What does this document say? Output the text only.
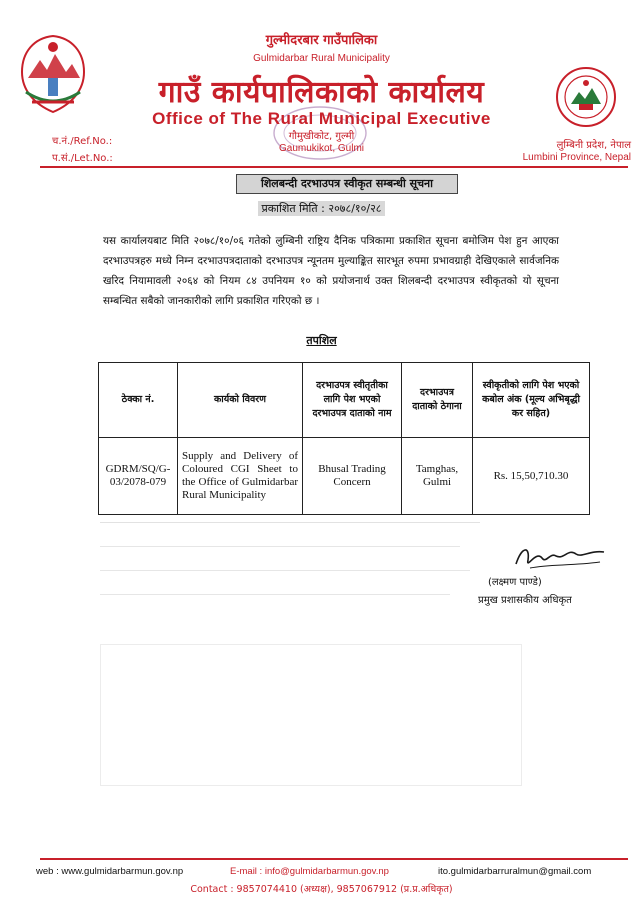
गुल्मीदरबार गाउँपालिका
Gulmidarbar Rural Municipality
गाउँ कार्यपालिकाको कार्यालय
Office of The Rural Municipal Executive
गौमुखीकोट, गुल्मी
Gaumukikot, Gulmi
च.नं./Ref.No.:
प.सं./Let.No.:
लुम्बिनी प्रदेश, नेपाल
Lumbini Province, Nepal
शिलबन्दी दरभाउपत्र स्वीकृत सम्बन्धी सूचना
प्रकाशित मिति : २०७८/१०/२८
यस कार्यालयबाट मिति २०७८/१०/०६ गतेको लुम्बिनी राष्ट्रिय दैनिक पत्रिकामा प्रकाशित सूचना बमोजिम पेश हुन आएका दरभाउपत्रहरु मध्ये निम्न दरभाउपत्रदाताको दरभाउपत्र न्यूनतम मुल्याङ्कित सारभूत रुपमा प्रभावग्राही देखिएकाले सार्वजनिक खरिद नियामावली २०६४ को नियम ८४ उपनियम १० को प्रयोजनार्थ उक्त शिलबन्दी दरभाउपत्र स्वीकृतको यो सूचना सम्बन्धित सबैको जानकारीको लागि प्रकाशित गरिएको छ ।
तपशिल
ठेक्का नं.	कार्यको विवरण	दरभाउपत्र स्वीतृतीका लागि पेश भएको दरभाउपत्र दाताको नाम	दरभाउपत्र दाताको ठेगाना	स्वीकृतीको लागि पेश भएको कबोल अंक (मूल्य अभिबृद्धी कर सहित)
GDRM/SQ/G-03/2078-079	Supply and Delivery of Coloured CGI Sheet to the Office of Gulmidarbar Rural Municipality	Bhusal Trading Concern	Tamghas, Gulmi	Rs. 15,50,710.30
(लक्ष्मण पाण्डे)
प्रमुख प्रशासकीय अधिकृत
web : www.gulmidarbarmun.gov.np	E-mail : info@gulmidarbarmun.gov.np	ito.gulmidarbarruralmun@gmail.com
Contact : 9857074410 (अध्यक्ष), 9857067912 (प्र.प्र.अधिकृत)
